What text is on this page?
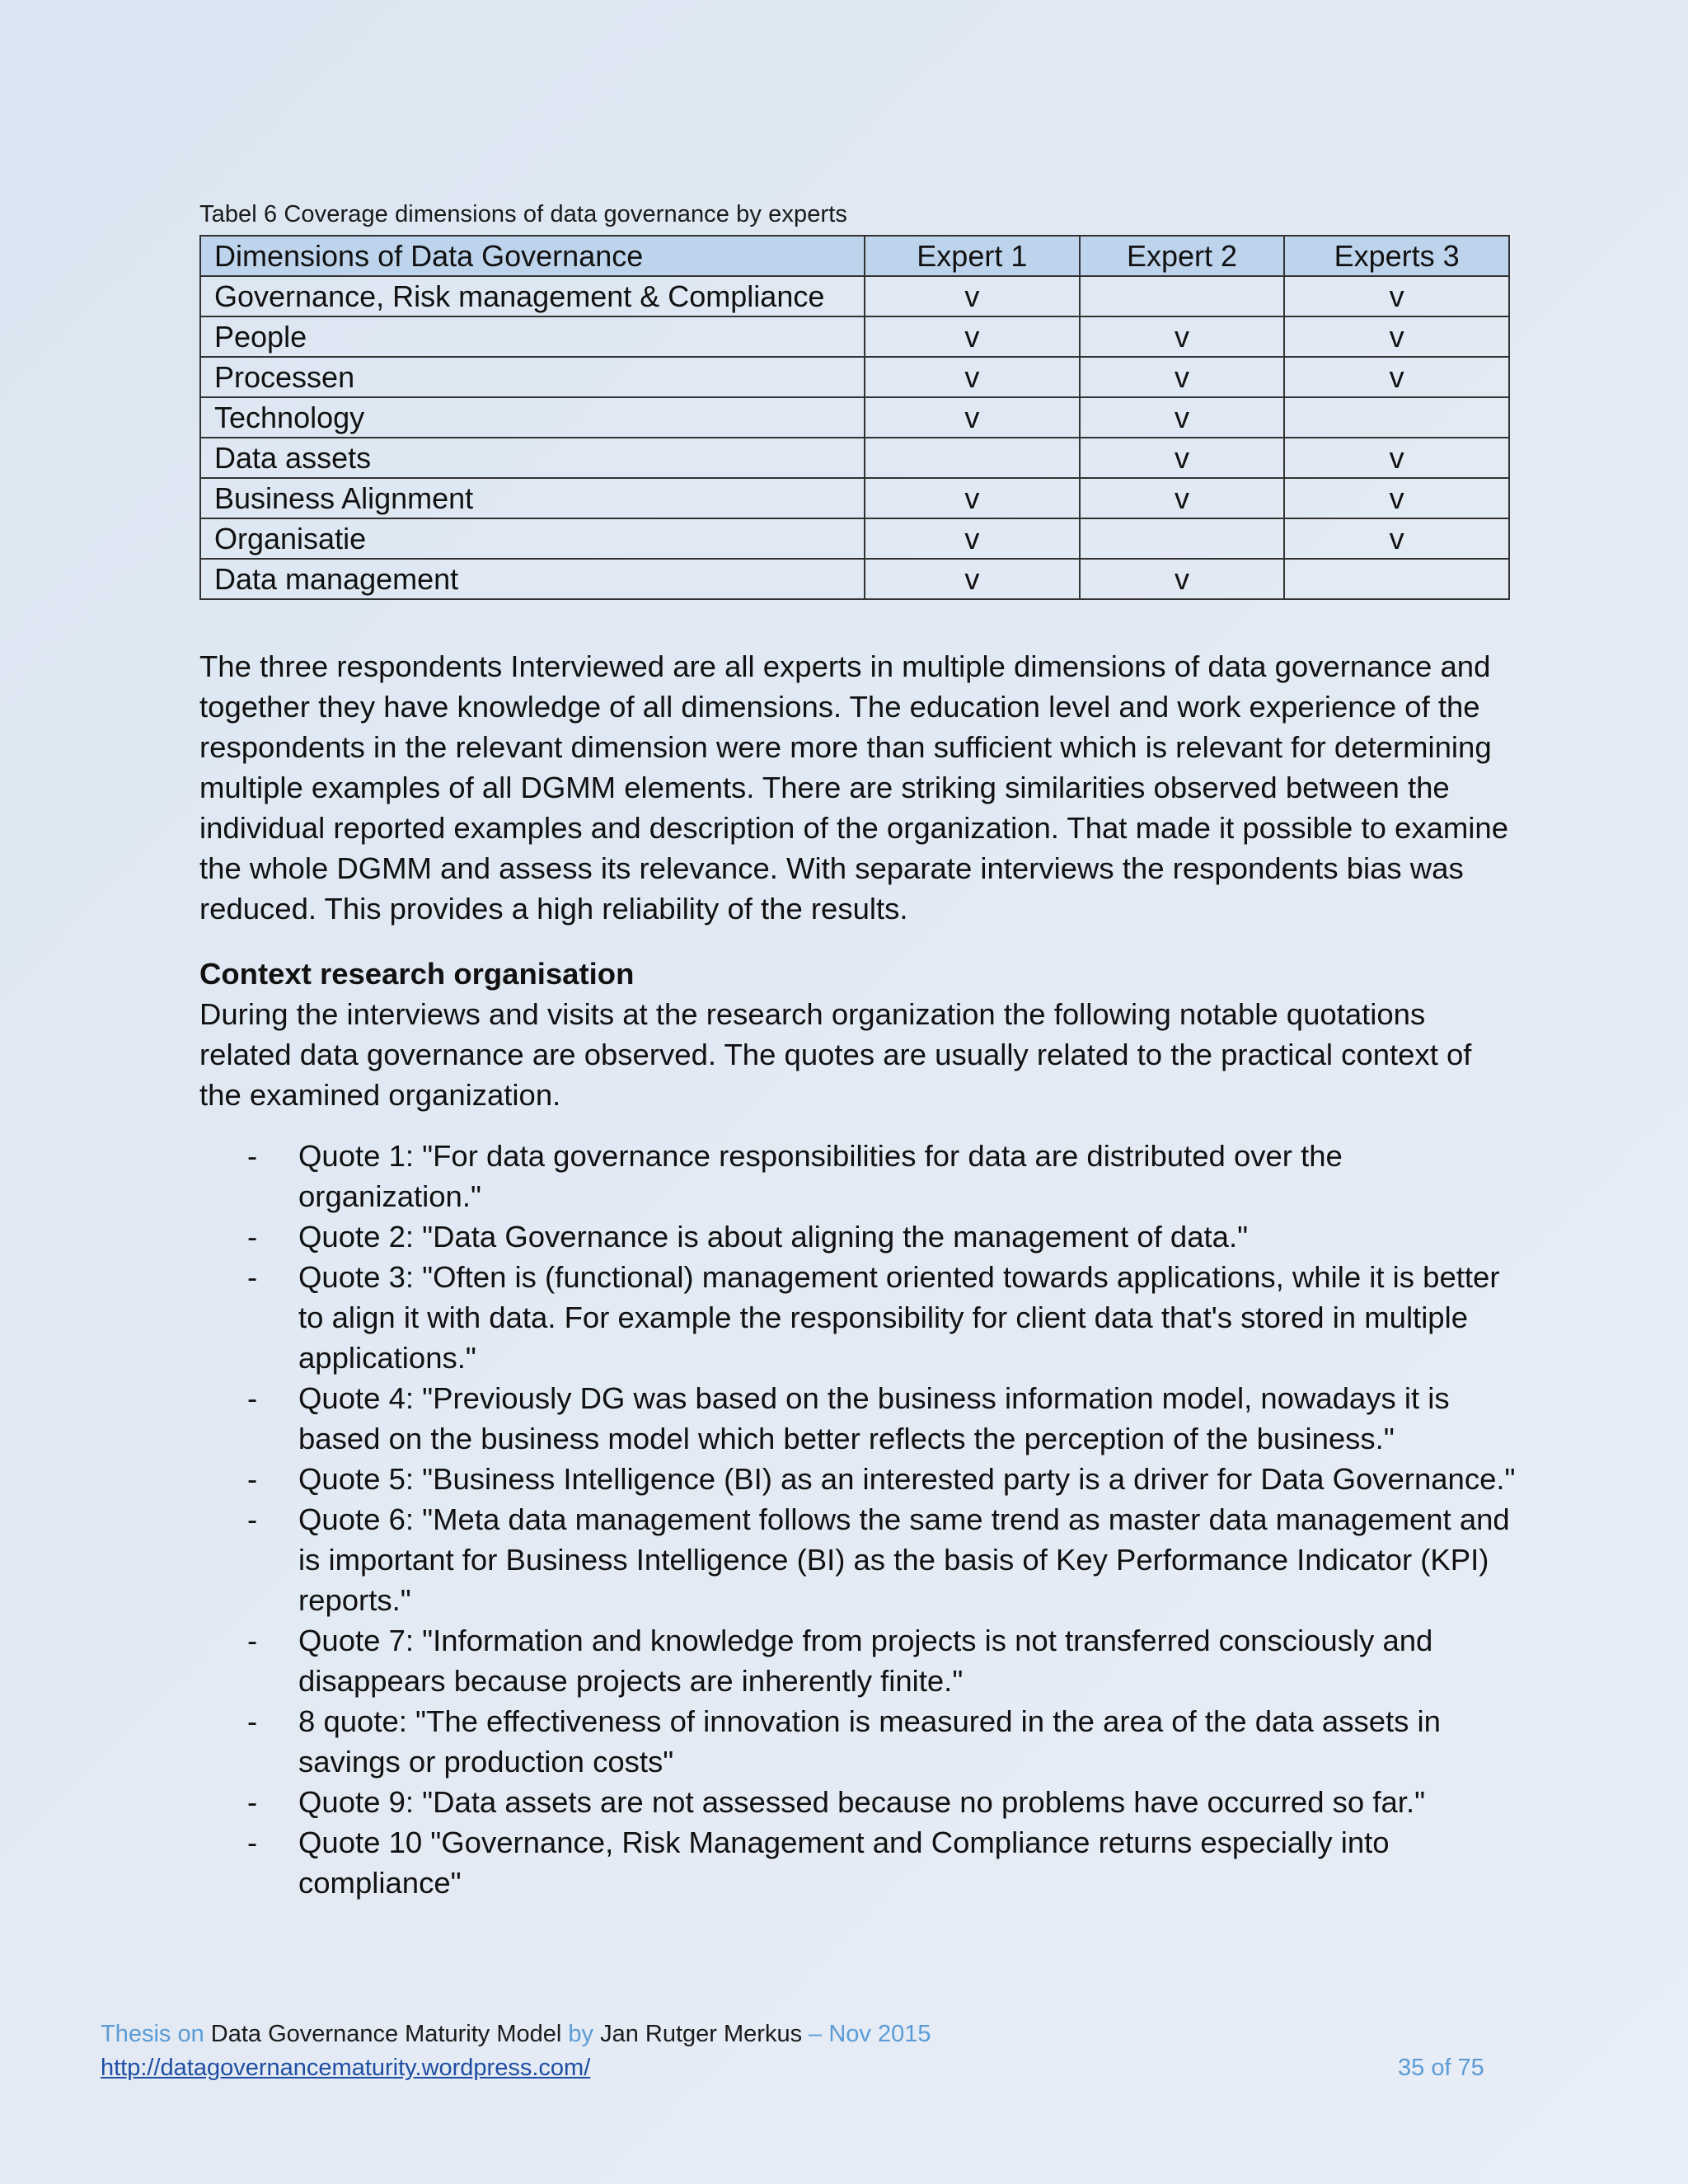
Tabel 6 Coverage dimensions of data governance by experts
Dimensions of Data Governance	Expert 1	Expert 2	Experts 3
Governance, Risk management & Compliance	v		v
People	v	v	v
Processen	v	v	v
Technology	v	v	
Data assets		v	v
Business Alignment	v	v	v
Organisatie	v		v
Data management	v	v	

The three respondents Interviewed are all experts in multiple dimensions of data governance and together they have knowledge of all dimensions. The education level and work experience of the respondents in the relevant dimension were more than sufficient which is relevant for determining multiple examples of all DGMM elements. There are striking similarities observed between the individual reported examples and description of the organization. That made it possible to examine the whole DGMM and assess its relevance. With separate interviews the respondents bias was reduced. This provides a high reliability of the results.

Context research organisation

During the interviews and visits at the research organization the following notable quotations related data governance are observed. The quotes are usually related to the practical context of the examined organization.

- Quote 1: "For data governance responsibilities for data are distributed over the organization."
- Quote 2: "Data Governance is about aligning the management of data."
- Quote 3: "Often is (functional) management oriented towards applications, while it is better to align it with data. For example the responsibility for client data that's stored in multiple applications."
- Quote 4: "Previously DG was based on the business information model, nowadays it is based on the business model which better reflects the perception of the business."
- Quote 5: "Business Intelligence (BI) as an interested party is a driver for Data Governance."
- Quote 6: "Meta data management follows the same trend as master data management and is important for Business Intelligence (BI) as the basis of Key Performance Indicator (KPI) reports."
- Quote 7: "Information and knowledge from projects is not transferred consciously and disappears because projects are inherently finite."
- 8 quote: "The effectiveness of innovation is measured in the area of the data assets in savings or production costs"
- Quote 9: "Data assets are not assessed because no problems have occurred so far."
- Quote 10 "Governance, Risk Management and Compliance returns especially into compliance"
Thesis on Data Governance Maturity Model by Jan Rutger Merkus – Nov 2015
http://datagovernancematurity.wordpress.com/	35 of 75
